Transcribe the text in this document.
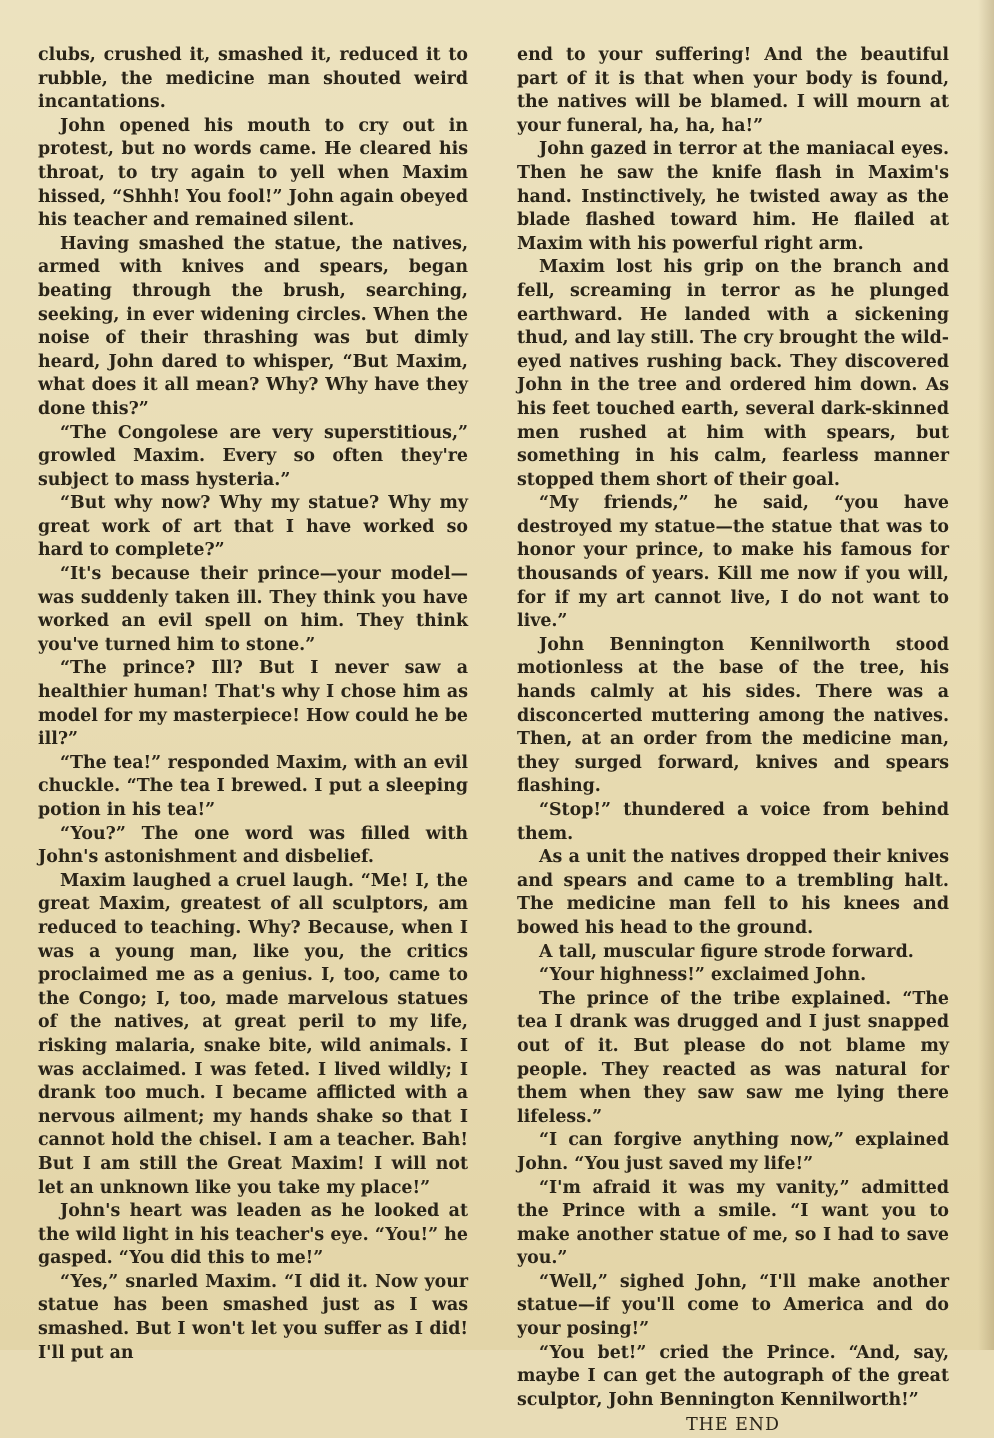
clubs, crushed it, smashed it, reduced it to rubble, the medicine man shouted weird incantations.

John opened his mouth to cry out in protest, but no words came. He cleared his throat, to try again to yell when Maxim hissed, “Shhh! You fool!” John again obeyed his teacher and remained silent.

Having smashed the statue, the natives, armed with knives and spears, began beating through the brush, searching, seeking, in ever widening circles. When the noise of their thrashing was but dimly heard, John dared to whisper, “But Maxim, what does it all mean? Why? Why have they done this?”

“The Congolese are very superstitious,” growled Maxim. Every so often they're subject to mass hysteria.”

“But why now? Why my statue? Why my great work of art that I have worked so hard to complete?”

“It's because their prince—your model—was suddenly taken ill. They think you have worked an evil spell on him. They think you've turned him to stone.”

“The prince? Ill? But I never saw a healthier human! That's why I chose him as model for my masterpiece! How could he be ill?”

“The tea!” responded Maxim, with an evil chuckle. “The tea I brewed. I put a sleeping potion in his tea!”

“You?” The one word was filled with John's astonishment and disbelief.

Maxim laughed a cruel laugh. “Me! I, the great Maxim, greatest of all sculptors, am reduced to teaching. Why? Because, when I was a young man, like you, the critics proclaimed me as a genius. I, too, came to the Congo; I, too, made marvelous statues of the natives, at great peril to my life, risking malaria, snake bite, wild animals. I was acclaimed. I was feted. I lived wildly; I drank too much. I became afflicted with a nervous ailment; my hands shake so that I cannot hold the chisel. I am a teacher. Bah! But I am still the Great Maxim! I will not let an unknown like you take my place!”

John's heart was leaden as he looked at the wild light in his teacher's eye. “You!” he gasped. “You did this to me!”

“Yes,” snarled Maxim. “I did it. Now your statue has been smashed just as I was smashed. But I won't let you suffer as I did! I'll put an

end to your suffering! And the beautiful part of it is that when your body is found, the natives will be blamed. I will mourn at your funeral, ha, ha, ha!”

John gazed in terror at the maniacal eyes. Then he saw the knife flash in Maxim's hand. Instinctively, he twisted away as the blade flashed toward him. He flailed at Maxim with his powerful right arm.

Maxim lost his grip on the branch and fell, screaming in terror as he plunged earthward. He landed with a sickening thud, and lay still. The cry brought the wild-eyed natives rushing back. They discovered John in the tree and ordered him down. As his feet touched earth, several dark-skinned men rushed at him with spears, but something in his calm, fearless manner stopped them short of their goal.

“My friends,” he said, “you have destroyed my statue—the statue that was to honor your prince, to make his famous for thousands of years. Kill me now if you will, for if my art cannot live, I do not want to live.”

John Bennington Kennilworth stood motionless at the base of the tree, his hands calmly at his sides. There was a disconcerted muttering among the natives. Then, at an order from the medicine man, they surged forward, knives and spears flashing.

“Stop!” thundered a voice from behind them.

As a unit the natives dropped their knives and spears and came to a trembling halt. The medicine man fell to his knees and bowed his head to the ground.

A tall, muscular figure strode forward.

“Your highness!” exclaimed John.

The prince of the tribe explained. “The tea I drank was drugged and I just snapped out of it. But please do not blame my people. They reacted as was natural for them when they saw saw me lying there lifeless.”

“I can forgive anything now,” explained John. “You just saved my life!”

“I'm afraid it was my vanity,” admitted the Prince with a smile. “I want you to make another statue of me, so I had to save you.”

“Well,” sighed John, “I'll make another statue—if you'll come to America and do your posing!”

“You bet!” cried the Prince. “And, say, maybe I can get the autograph of the great sculptor, John Bennington Kennilworth!”

THE END
